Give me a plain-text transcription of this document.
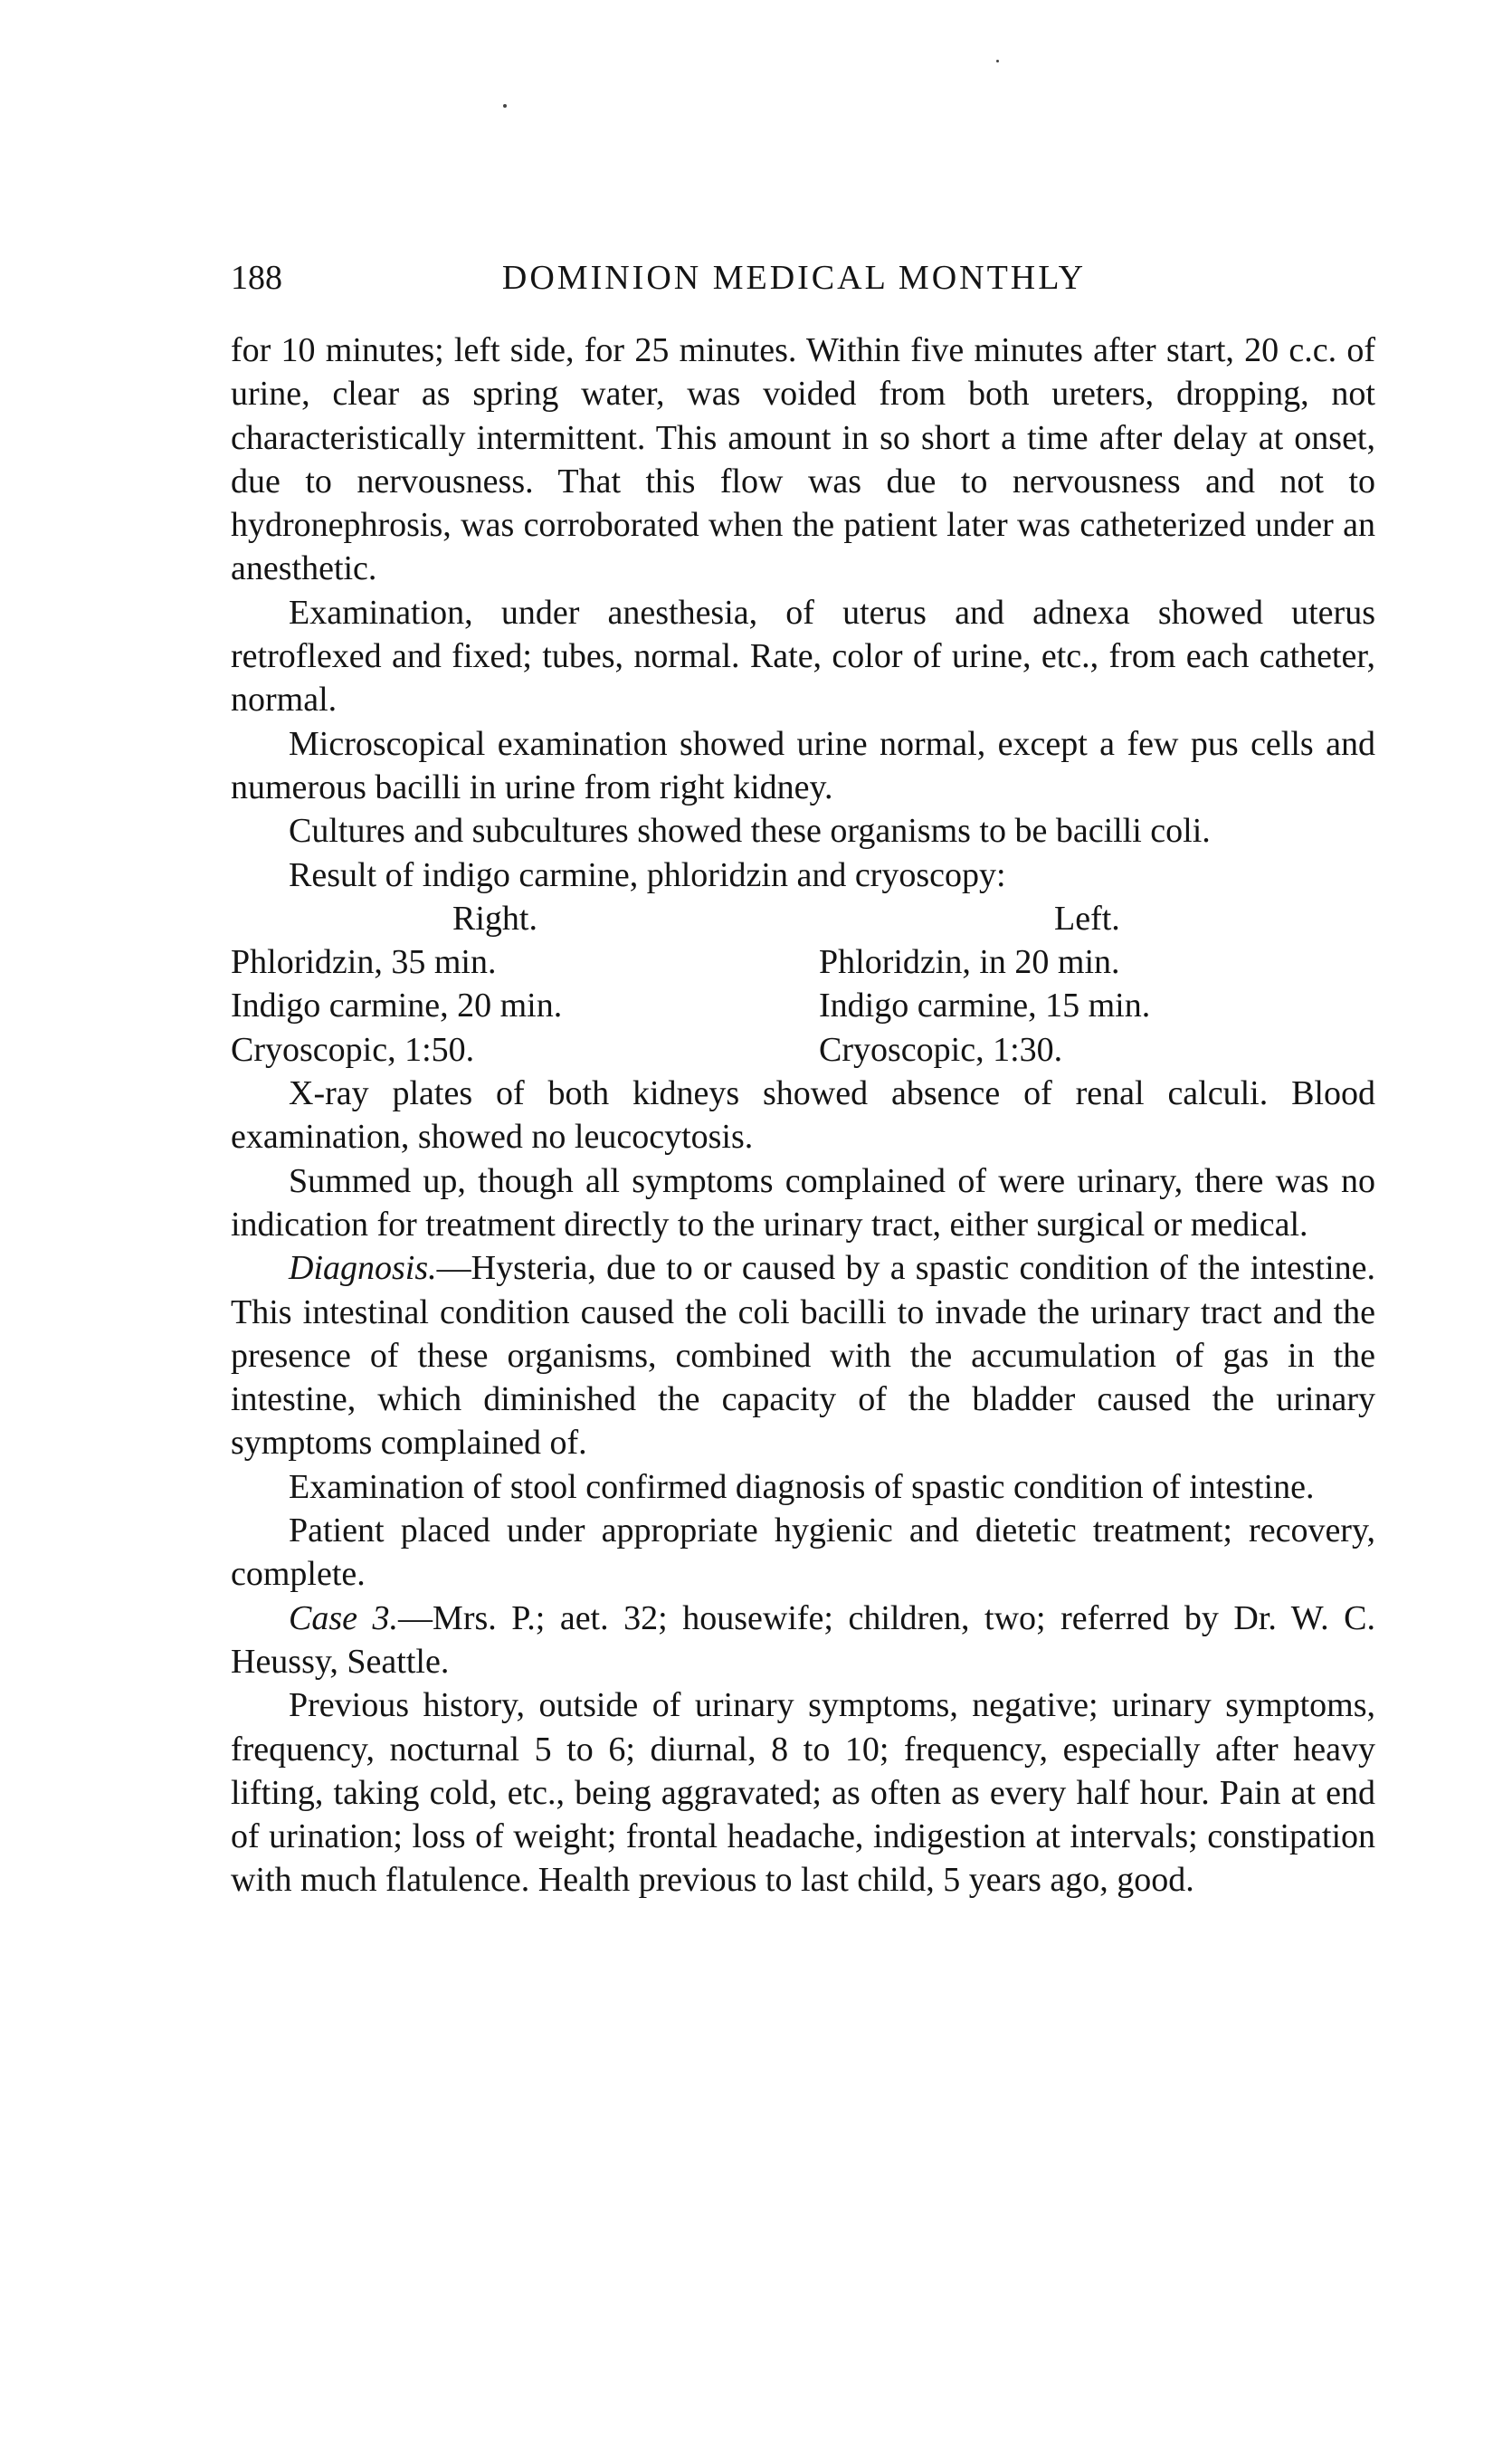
188	DOMINION MEDICAL MONTHLY

for 10 minutes; left side, for 25 minutes. Within five minutes after start, 20 c.c. of urine, clear as spring water, was voided from both ureters, dropping, not characteristically intermittent. This amount in so short a time after delay at onset, due to nervousness. That this flow was due to nervousness and not to hydronephrosis, was corroborated when the patient later was catheterized under an anesthetic.

Examination, under anesthesia, of uterus and adnexa showed uterus retroflexed and fixed; tubes, normal. Rate, color of urine, etc., from each catheter, normal.

Microscopical examination showed urine normal, except a few pus cells and numerous bacilli in urine from right kidney.

Cultures and subcultures showed these organisms to be bacilli coli.

Result of indigo carmine, phloridzin and cryoscopy:

Right.	Left.
Phloridzin, 35 min.	Phloridzin, in 20 min.
Indigo carmine, 20 min.	Indigo carmine, 15 min.
Cryoscopic, 1:50.	Cryoscopic, 1:30.

X-ray plates of both kidneys showed absence of renal calculi. Blood examination, showed no leucocytosis.

Summed up, though all symptoms complained of were urinary, there was no indication for treatment directly to the urinary tract, either surgical or medical.

Diagnosis.—Hysteria, due to or caused by a spastic condition of the intestine. This intestinal condition caused the coli bacilli to invade the urinary tract and the presence of these organisms, combined with the accumulation of gas in the intestine, which diminished the capacity of the bladder caused the urinary symptoms complained of.

Examination of stool confirmed diagnosis of spastic condition of intestine.

Patient placed under appropriate hygienic and dietetic treatment; recovery, complete.

Case 3.—Mrs. P.; aet. 32; housewife; children, two; referred by Dr. W. C. Heussy, Seattle.

Previous history, outside of urinary symptoms, negative; urinary symptoms, frequency, nocturnal 5 to 6; diurnal, 8 to 10; frequency, especially after heavy lifting, taking cold, etc., being aggravated; as often as every half hour. Pain at end of urination; loss of weight; frontal headache, indigestion at intervals; constipation with much flatulence. Health previous to last child, 5 years ago, good.
